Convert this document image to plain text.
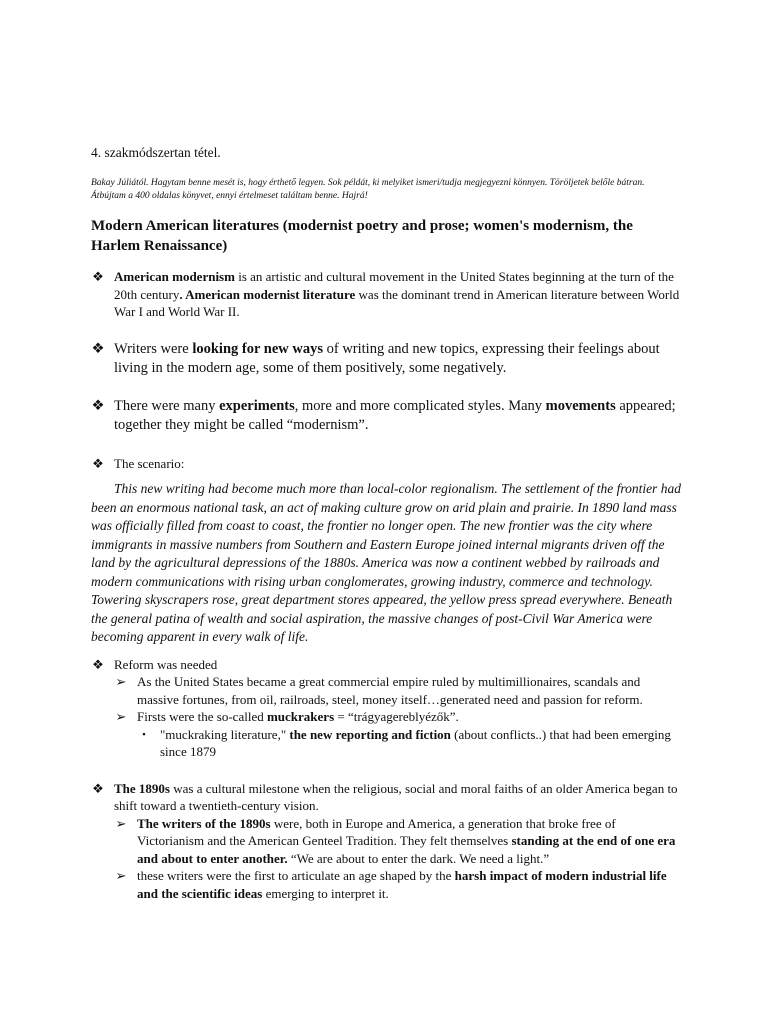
4. szakmódszertan tétel.

Bakay Júliától. Hagytam benne mesét is, hogy érthető legyen. Sok példát, ki melyiket ismeri/tudja megjegyezni könnyen. Töröljetek belőle bátran. Átbújtam a 400 oldalas könyvet, ennyi értelmeset találtam benne. Hajrá!

Modern American literatures (modernist poetry and prose; women's modernism, the Harlem Renaissance)
❖ American modernism is an artistic and cultural movement in the United States beginning at the turn of the 20th century. American modernist literature was the dominant trend in American literature between World War I and World War II.
❖ Writers were looking for new ways of writing and new topics, expressing their feelings about living in the modern age, some of them positively, some negatively.
❖ There were many experiments, more and more complicated styles. Many movements appeared; together they might be called “modernism”.
❖ The scenario:

This new writing had become much more than local-color regionalism. The settlement of the frontier had been an enormous national task, an act of making culture grow on arid plain and prairie. In 1890 land mass was officially filled from coast to coast, the frontier no longer open. The new frontier was the city where immigrants in massive numbers from Southern and Eastern Europe joined internal migrants driven off the land by the agricultural depressions of the 1880s. America was now a continent webbed by railroads and modern communications with rising urban conglomerates, growing industry, commerce and technology. Towering skyscrapers rose, great department stores appeared, the yellow press spread everywhere. Beneath the general patina of wealth and social aspiration, the massive changes of post-Civil War America were becoming apparent in every walk of life.

❖ Reform was needed
➢ As the United States became a great commercial empire ruled by multimillionaires, scandals and massive fortunes, from oil, railroads, steel, money itself…generated need and passion for reform.
➢ Firsts were the so-called muckrakers = “trágyagereblyézők”.
▪	"muckraking literature," the new reporting and fiction (about conflicts..) that had been emerging since 1879
❖ The 1890s was a cultural milestone when the religious, social and moral faiths of an older America began to shift toward a twentieth-century vision.
➢ The writers of the 1890s were, both in Europe and America, a generation that broke free of Victorianism and the American Genteel Tradition. They felt themselves standing at the end of one era and about to enter another. “We are about to enter the dark. We need a light.”
➢ these writers were the first to articulate an age shaped by the harsh impact of modern industrial life and the scientific ideas emerging to interpret it.
